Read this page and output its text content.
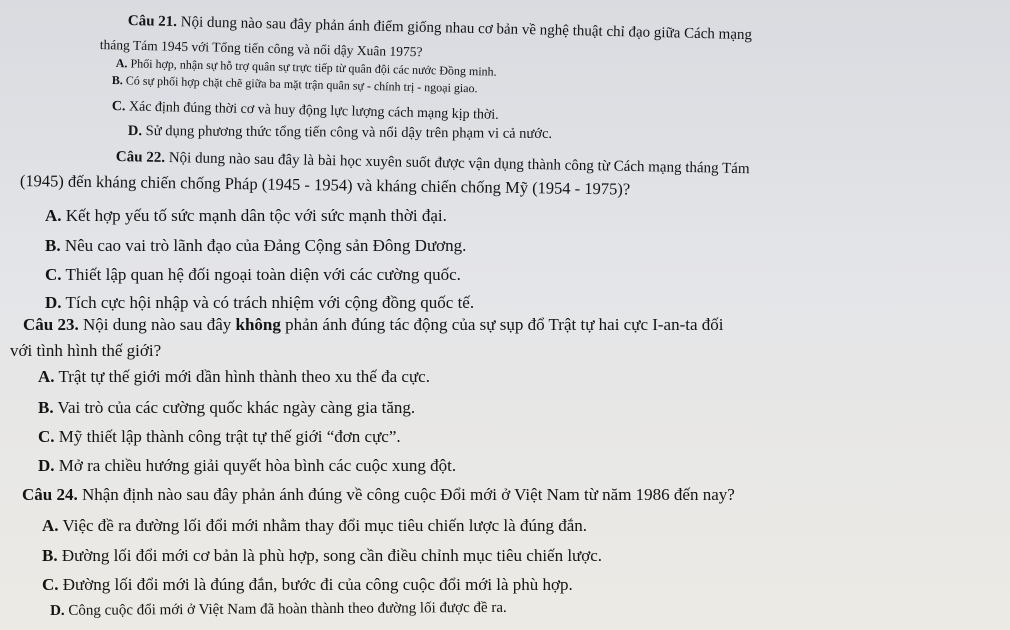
Câu 21. Nội dung nào sau đây phản ánh điểm giống nhau cơ bản về nghệ thuật chỉ đạo giữa Cách mạng
tháng Tám 1945 với Tổng tiến công và nổi dậy Xuân 1975?
A. Phối hợp, nhận sự hỗ trợ quân sự trực tiếp từ quân đội các nước Đồng minh.
B. Có sự phối hợp chặt chẽ giữa ba mặt trận quân sự - chính trị - ngoại giao.
C. Xác định đúng thời cơ và huy động lực lượng cách mạng kịp thời.
D. Sử dụng phương thức tổng tiến công và nổi dậy trên phạm vi cả nước.
Câu 22. Nội dung nào sau đây là bài học xuyên suốt được vận dụng thành công từ Cách mạng tháng Tám
(1945) đến kháng chiến chống Pháp (1945 - 1954) và kháng chiến chống Mỹ (1954 - 1975)?
A. Kết hợp yếu tố sức mạnh dân tộc với sức mạnh thời đại.
B. Nêu cao vai trò lãnh đạo của Đảng Cộng sản Đông Dương.
C. Thiết lập quan hệ đối ngoại toàn diện với các cường quốc.
D. Tích cực hội nhập và có trách nhiệm với cộng đồng quốc tế.
Câu 23. Nội dung nào sau đây không phản ánh đúng tác động của sự sụp đổ Trật tự hai cực I-an-ta đối
với tình hình thế giới?
A. Trật tự thế giới mới dần hình thành theo xu thế đa cực.
B. Vai trò của các cường quốc khác ngày càng gia tăng.
C. Mỹ thiết lập thành công trật tự thế giới “đơn cực”.
D. Mở ra chiều hướng giải quyết hòa bình các cuộc xung đột.
Câu 24. Nhận định nào sau đây phản ánh đúng về công cuộc Đổi mới ở Việt Nam từ năm 1986 đến nay?
A. Việc đề ra đường lối đổi mới nhằm thay đổi mục tiêu chiến lược là đúng đắn.
B. Đường lối đổi mới cơ bản là phù hợp, song cần điều chỉnh mục tiêu chiến lược.
C. Đường lối đổi mới là đúng đắn, bước đi của công cuộc đổi mới là phù hợp.
D. Công cuộc đổi mới ở Việt Nam đã hoàn thành theo đường lối được đề ra.
